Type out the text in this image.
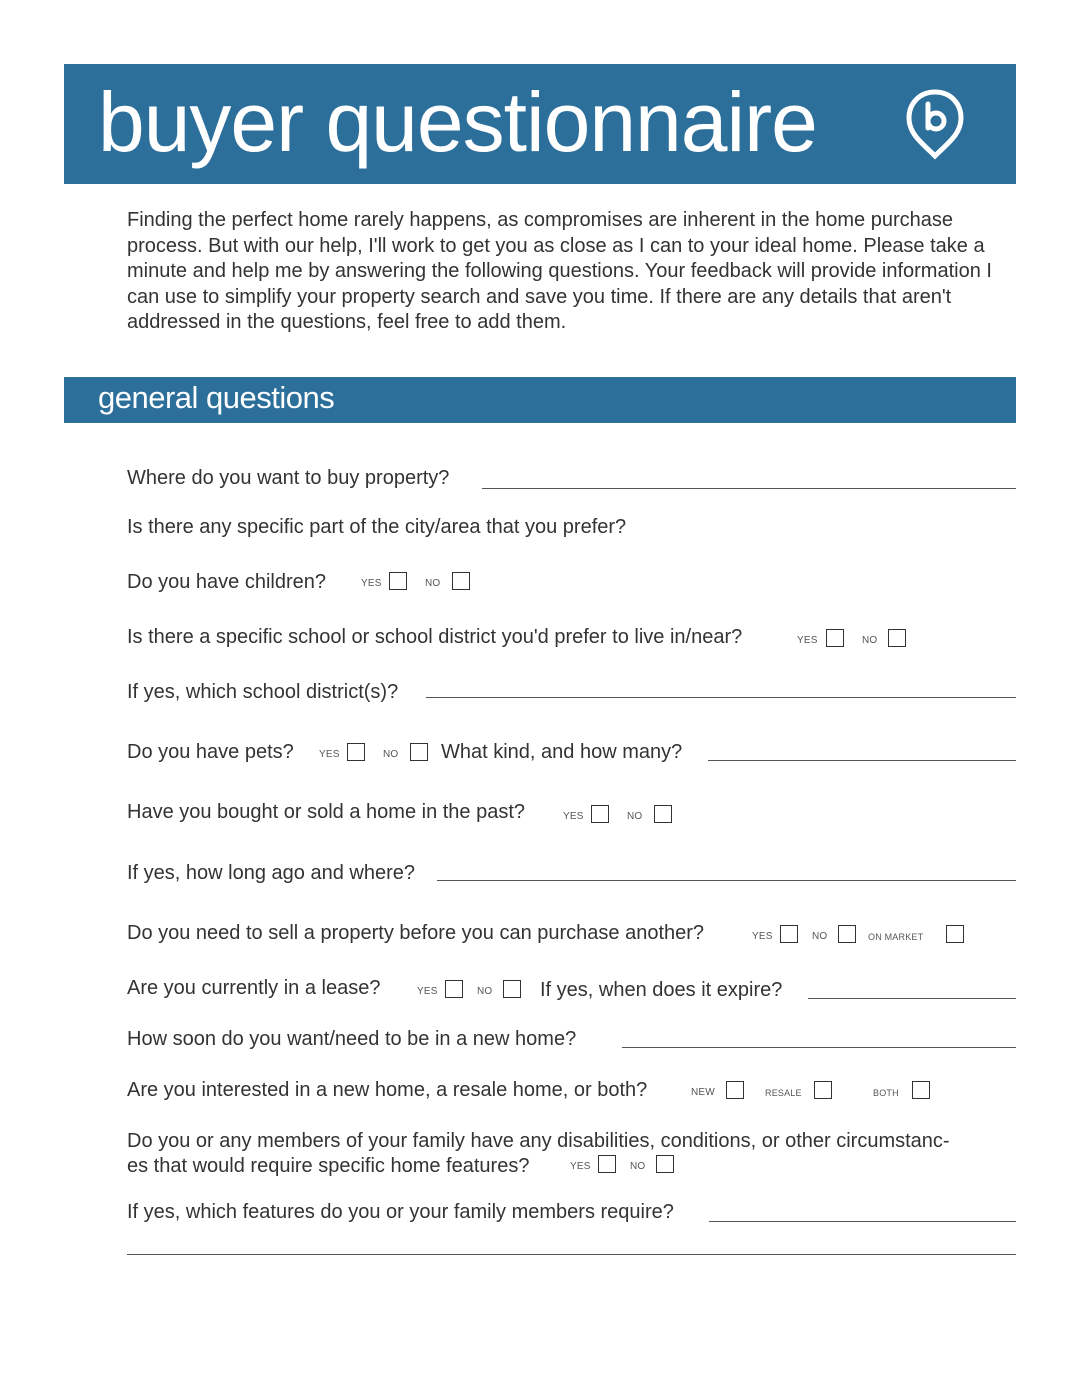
buyer questionnaire

Finding the perfect home rarely happens, as compromises are inherent in the home purchase process. But with our help, I'll work to get you as close as I can to your ideal home. Please take a minute and help me by answering the following questions. Your feedback will provide information I can use to simplify your property search and save you time. If there are any details that aren't addressed in the questions, feel free to add them.

general questions
Where do you want to buy property?
Is there any specific part of the city/area that you prefer?
Do you have children?	YES	NO
Is there a specific school or school district you'd prefer to live in/near?	YES	NO
If yes, which school district(s)?
Do you have pets?	YES	NO What kind, and how many?
Have you bought or sold a home in the past?	YES	NO
If yes, how long ago and where?
Do you need to sell a property before you can purchase another?	YES	NO	ON MARKET
Are you currently in a lease?	YES	NO If yes, when does it expire?
How soon do you want/need to be in a new home?
Are you interested in a new home, a resale home, or both?	NEW	RESALE	BOTH
Do you or any members of your family have any disabilities, conditions, or other circumstanc-
es that would require specific home features?	YES	NO
If yes, which features do you or your family members require?
